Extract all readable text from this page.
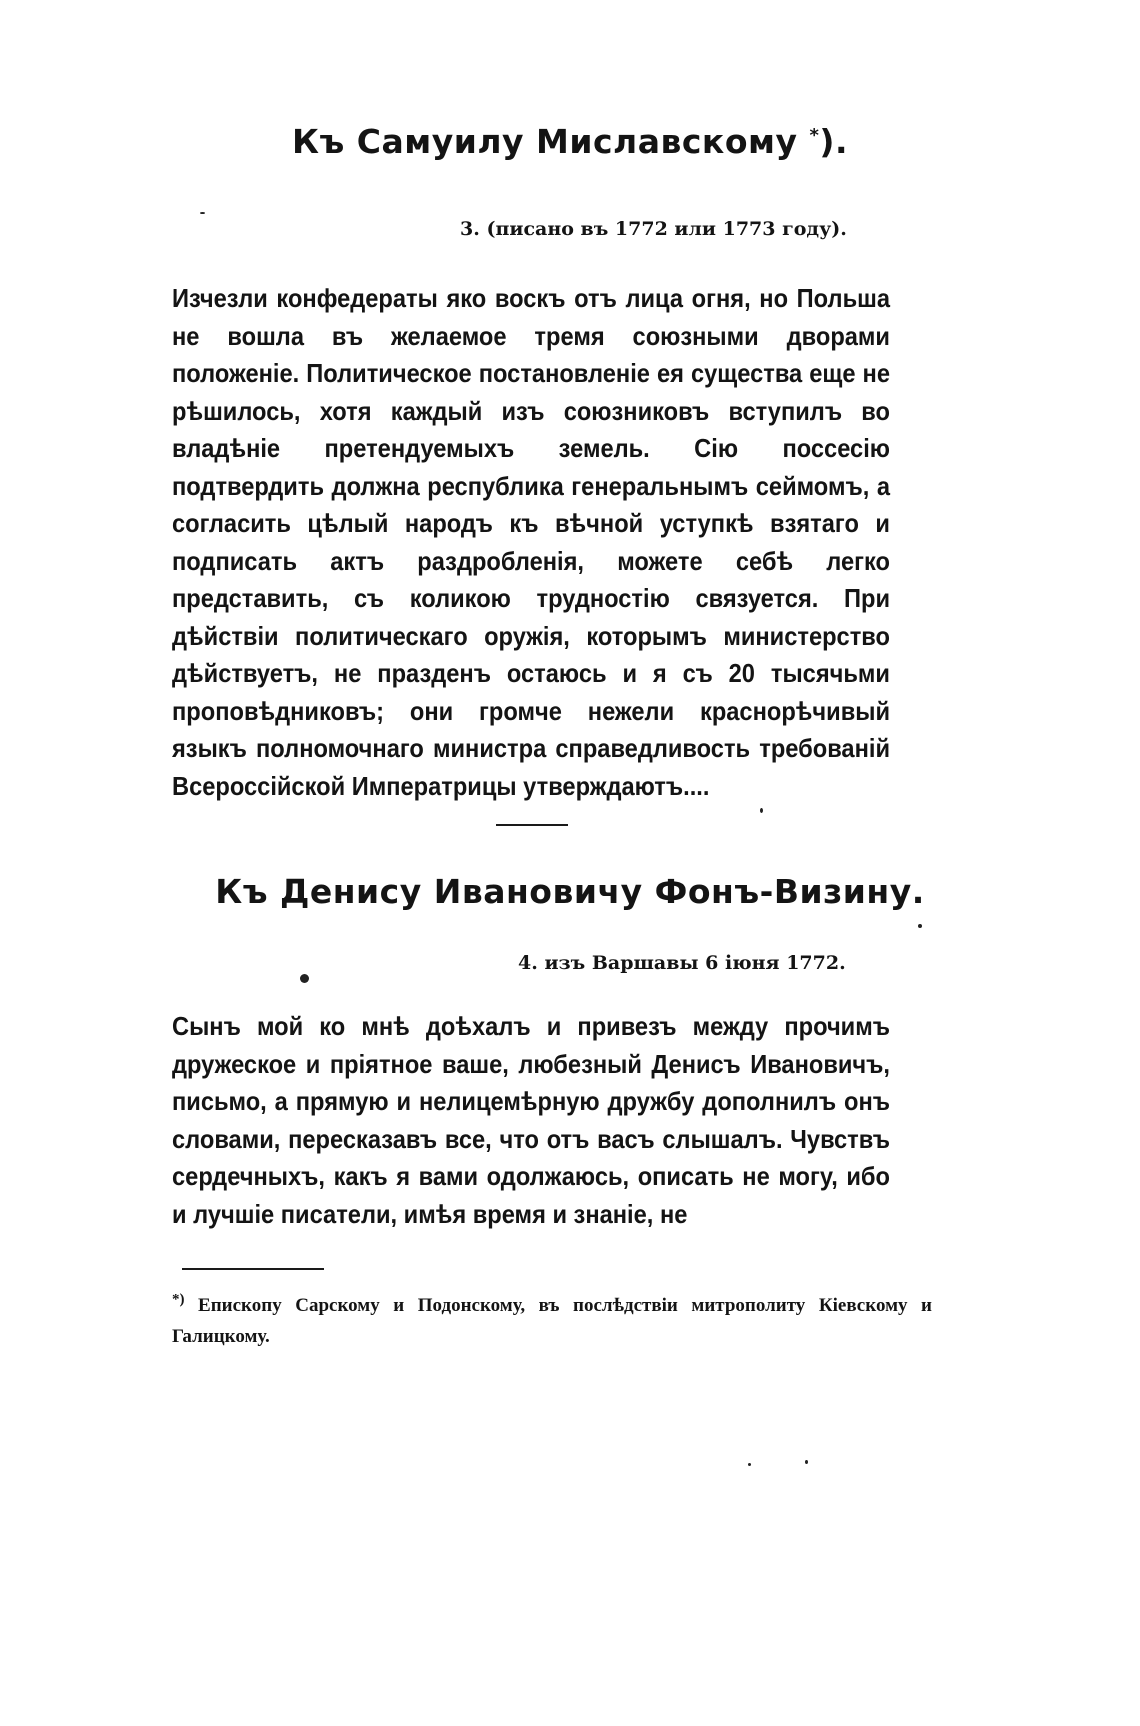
Къ Самуилу Миславскому *).
3. (писано въ 1772 или 1773 году).
Изчезли конфедераты яко воскъ отъ лица огня, но Польша не вошла въ желаемое тремя союзными дворами положеніе. Политическое постановленіе ея существа еще не рѣшилось, хотя каждый изъ союзниковъ вступилъ во владѣніе претендуемыхъ земель. Сію поссесію подтвердить должна республика генеральнымъ сеймомъ, а согласить цѣлый народъ къ вѣчной уступкѣ взятаго и подписать актъ раздробленія, можете себѣ легко представить, съ коликою трудностію связуется. При дѣйствіи политическаго оружія, которымъ министерство дѣйствуетъ, не празденъ остаюсь и я съ 20 тысячьми проповѣдниковъ; они громче нежели краснорѣчивый языкъ полномочнаго министра справедливость требованій Всероссійской Императрицы утверждаютъ....
Къ Денису Ивановичу Фонъ-Визину.
4. изъ Варшавы 6 іюня 1772.
Сынъ мой ко мнѣ доѣхалъ и привезъ между прочимъ дружеское и пріятное ваше, любезный Денисъ Ивановичъ, письмо, а прямую и нелицемѣрную дружбу дополнилъ онъ словами, пересказавъ все, что отъ васъ слышалъ. Чувствъ сердечныхъ, какъ я вами одолжаюсь, описать не могу, ибо и лучшіе писатели, имѣя время и знаніе, не
*) Епископу Сарскому и Подонскому, въ послѣдствіи митрополиту Кіевскому и Галицкому.
